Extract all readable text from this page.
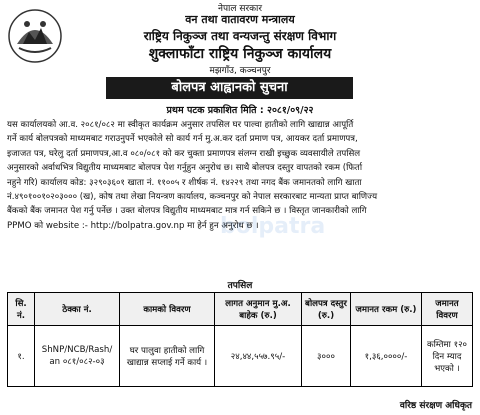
नेपाल सरकार
वन तथा वातावरण मन्त्रालय
राष्ट्रिय निकुञ्ज तथा वन्यजन्तु संरक्षण विभाग
शुक्लाफाँटा राष्ट्रिय निकुञ्ज कार्यालय
मझगाँउ, कञ्चनपुर
बोलपत्र आह्वानको सुचना
प्रथम पटक प्रकाशित मिति : २०८१/०९/२२
यस कार्यालयको आ.व. २०८१/०८२ मा स्वीकृत कार्यक्रम अनुसार तपसिल घर पाल्वा हातीको लागि खाद्यान्न आपूर्ति
गर्ने कार्य बोलपत्रको माध्यमबाट गराउनुपर्ने भएकोले सो कार्य गर्न मु.अ.कर दर्ता प्रमाण पत्र, आयकर दर्ता प्रमाणपत्र,
इजाजत पत्र, घरेलु दर्ता प्रमाणपत्र,आ.व ०८०/०८१ को कर चुक्ता प्रमाणपत्र संलग्न राखी इच्छुक व्यवसायीले तपसिल
अनुसारको अर्वाधभित्र विद्युतीय माध्यमबाट बोलपत्र पेश गर्नुहुन अनुरोध छ। साथै बोलपत्र दस्तुर वापतको रकम (फिर्ता
नहुने गरि) कार्यालय कोड: ३२९०३६०१ खाता नं. ११००५ र शीर्षक नं. १४२२९ तथा नगद बैंक जमानतको लागि खाता
नं.४९०१००१०२०३००० (ख), कोष तथा लेखा नियन्त्रण कार्यालय, कञ्चनपुर को नेपाल सरकारबाट मान्यता प्राप्त बाणिज्य
बैंकको बैंक जमानत पेश गर्नु पर्नेछ । उक्त बोलपत्र विद्युतीय माध्यमबाट मात्र गर्न सकिने छ । विस्तृत जानकारीको लागि
PPMO को website :- http://bolpatra.gov.np मा हेर्न हुन अनुरोध छ ।
bolpatra
तपसिल
सि. नं.	ठेक्का नं.	कामको विवरण	लागत अनुमान मु.अ. बाहेक (रु.)	बोलपत्र दस्तुर (रु.)	जमानत रकम (रु.)	जमानत विवरण
१.	ShNP/NCB/Rash/ an ०८१/०८२-०३	घर पालुवा हातीको लागि खाद्यान्न सप्लाई गर्ने कार्य ।	२४,४४,५५७.९५/-	३०००	१,३६,००००/-	कम्तिमा १२० दिन म्याद भएको ।
वरिष्ठ संरक्षण अधिकृत
